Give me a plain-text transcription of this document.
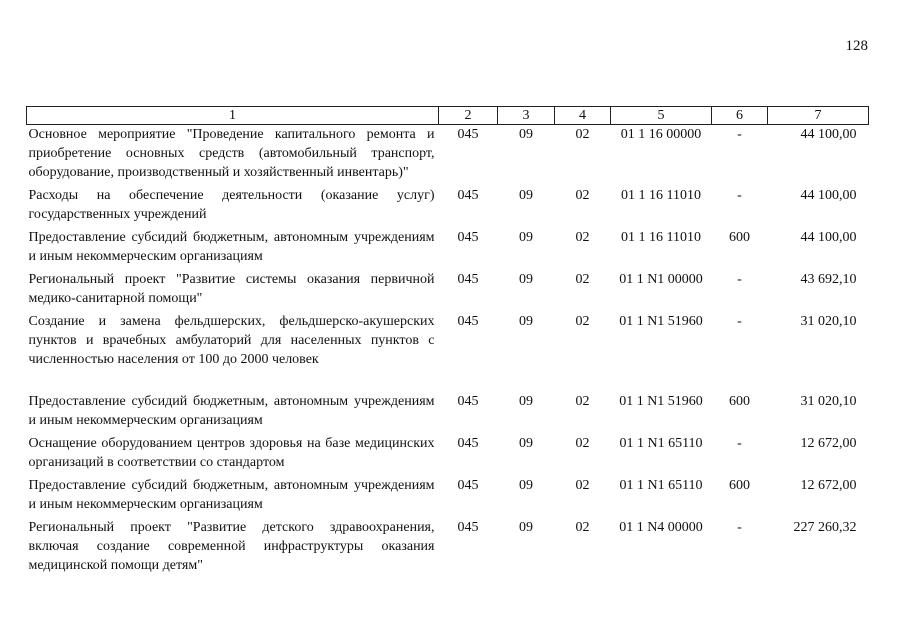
128
1	2	3	4	5	6	7
Основное мероприятие "Проведение капитального ремонта и приобретение основных средств (автомобильный транспорт, оборудование, производственный и хозяйственный инвентарь)"	045	09	02	01 1 16 00000	-	44 100,00
Расходы на обеспечение деятельности (оказание услуг) государственных учреждений	045	09	02	01 1 16 11010	-	44 100,00
Предоставление субсидий бюджетным, автономным учреждениям и иным некоммерческим организациям	045	09	02	01 1 16 11010	600	44 100,00
Региональный проект "Развитие системы оказания первичной медико-санитарной помощи"	045	09	02	01 1 N1 00000	-	43 692,10
Создание и замена фельдшерских, фельдшерско-акушерских пунктов и врачебных амбулаторий для населенных пунктов с численностью населения от 100 до 2000 человек	045	09	02	01 1 N1 51960	-	31 020,10
Предоставление субсидий бюджетным, автономным учреждениям и иным некоммерческим организациям	045	09	02	01 1 N1 51960	600	31 020,10
Оснащение оборудованием центров здоровья на базе медицинских организаций в соответствии со стандартом	045	09	02	01 1 N1 65110	-	12 672,00
Предоставление субсидий бюджетным, автономным учреждениям и иным некоммерческим организациям	045	09	02	01 1 N1 65110	600	12 672,00
Региональный проект "Развитие детского здравоохранения, включая создание современной инфраструктуры оказания медицинской помощи детям"	045	09	02	01 1 N4 00000	-	227 260,32
